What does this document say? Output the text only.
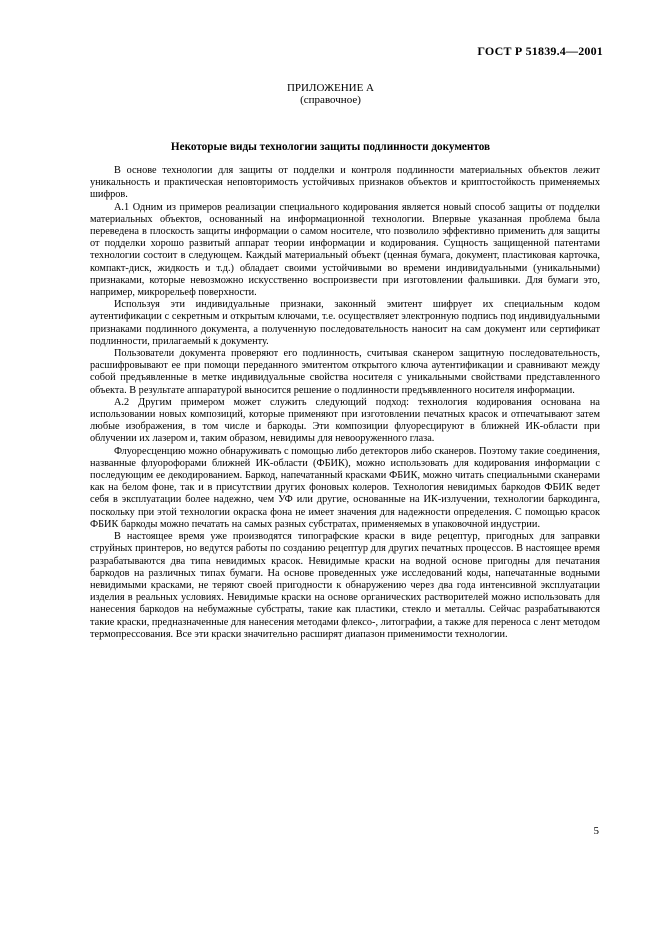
ГОСТ Р 51839.4—2001
ПРИЛОЖЕНИЕ А
(справочное)
Некоторые виды технологии защиты подлинности документов

В основе технологии для защиты от подделки и контроля подлинности материальных объектов лежит уникальность и практическая неповторимость устойчивых признаков объектов и криптостойкость применяемых шифров.

А.1 Одним из примеров реализации специального кодирования является новый способ защиты от подделки материальных объектов, основанный на информационной технологии. Впервые указанная проблема была переведена в плоскость защиты информации о самом носителе, что позволило эффективно применить для защиты от подделки хорошо развитый аппарат теории информации и кодирования. Сущность защищенной патентами технологии состоит в следующем. Каждый материальный объект (ценная бумага, документ, пластиковая карточка, компакт-диск, жидкость и т.д.) обладает своими устойчивыми во времени индивидуальными (уникальными) признаками, которые невозможно искусственно воспроизвести при изготовлении фальшивки. Для бумаги это, например, микрорельеф поверхности.

Используя эти индивидуальные признаки, законный эмитент шифрует их специальным кодом аутентификации с секретным и открытым ключами, т.е. осуществляет электронную подпись под индивидуальными признаками подлинного документа, а полученную последовательность наносит на сам документ или сертификат подлинности, прилагаемый к документу.

Пользователи документа проверяют его подлинность, считывая сканером защитную последовательность, расшифровывают ее при помощи переданного эмитентом открытого ключа аутентификации и сравнивают между собой предъявленные в метке индивидуальные свойства носителя с уникальными свойствами представленного объекта. В результате аппаратурой выносится решение о подлинности предъявленного носителя информации.

А.2 Другим примером может служить следующий подход: технология кодирования основана на использовании новых композиций, которые применяют при изготовлении печатных красок и отпечатывают затем любые изображения, в том числе и баркоды. Эти композиции флуоресцируют в ближней ИК-области при облучении их лазером и, таким образом, невидимы для невооруженного глаза.

Флуоресценцию можно обнаруживать с помощью либо детекторов либо сканеров. Поэтому такие соединения, названные флуорофорами ближней ИК-области (ФБИК), можно использовать для кодирования информации с последующим ее декодированием. Баркод, напечатанный красками ФБИК, можно читать специальными сканерами как на белом фоне, так и в присутствии других фоновых колеров. Технология невидимых баркодов ФБИК ведет себя в эксплуатации более надежно, чем УФ или другие, основанные на ИК-излучении, технологии баркодинга, поскольку при этой технологии окраска фона не имеет значения для надежности определения. С помощью красок ФБИК баркоды можно печатать на самых разных субстратах, применяемых в упаковочной индустрии.

В настоящее время уже производятся типографские краски в виде рецептур, пригодных для заправки струйных принтеров, но ведутся работы по созданию рецептур для других печатных процессов. В настоящее время разрабатываются два типа невидимых красок. Невидимые краски на водной основе пригодны для печатания баркодов на различных типах бумаги. На основе проведенных уже исследований коды, напечатанные водными невидимыми красками, не теряют своей пригодности к обнаружению через два года интенсивной эксплуатации изделия в реальных условиях. Невидимые краски на основе органических растворителей можно использовать для нанесения баркодов на небумажные субстраты, такие как пластики, стекло и металлы. Сейчас разрабатываются такие краски, предназначенные для нанесения методами флексо-, литографии, а также для переноса с лент методом термопрессования. Все эти краски значительно расширят диапазон применимости технологии.

5
